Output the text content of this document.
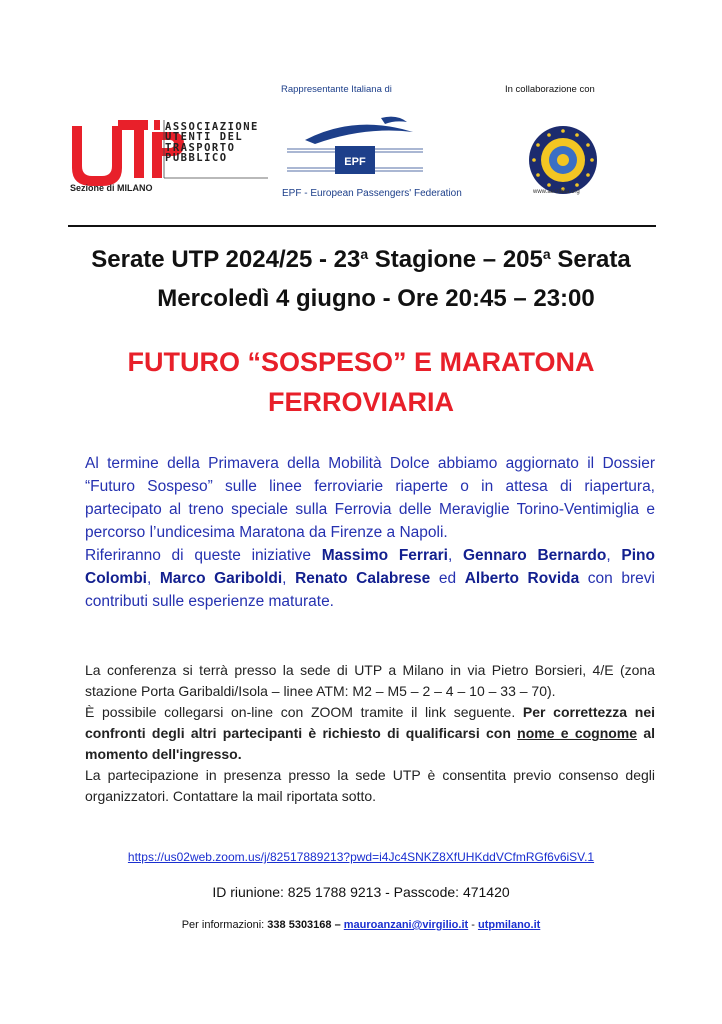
ASSOCIAZIONE
UTENTI DEL
TRASPORTO
PUBBLICO
Sezione di MILANO
Rappresentante Italiana di
EPF
EPF - European Passengers' Federation
In collaborazione con
www.aecitalia.org
Serate UTP 2024/25 - 23$^a$ Stagione – 205$^a$ Serata
Mercoledì 4 giugno - Ore 20:45 – 23:00
FUTURO “SOSPESO” E MARATONA
FERROVIARIA
Al termine della Primavera della Mobilità Dolce abbiamo aggiornato il Dossier “Futuro Sospeso” sulle linee ferroviarie riaperte o in attesa di riapertura, partecipato al treno speciale sulla Ferrovia delle Meraviglie Torino-Ventimiglia e percorso l’undicesima Maratona da Firenze a Napoli.
Riferiranno di queste iniziative Massimo Ferrari, Gennaro Bernardo, Pino Colombi, Marco Gariboldi, Renato Calabrese ed Alberto Rovida con brevi contributi sulle esperienze maturate.
La conferenza si terrà presso la sede di UTP a Milano in via Pietro Borsieri, 4/E (zona stazione Porta Garibaldi/Isola – linee ATM: M2 – M5 – 2 – 4 – 10 – 33 – 70).
È possibile collegarsi on-line con ZOOM tramite il link seguente. Per correttezza nei confronti degli altri partecipanti è richiesto di qualificarsi con nome e cognome al momento dell'ingresso.
La partecipazione in presenza presso la sede UTP è consentita previo consenso degli organizzatori. Contattare la mail riportata sotto.
https://us02web.zoom.us/j/82517889213?pwd=i4Jc4SNKZ8XfUHKddVCfmRGf6v6iSV.1
ID riunione: 825 1788 9213 - Passcode: 471420
Per informazioni: 338 5303168 – mauroanzani@virgilio.it - utpmilano.it
